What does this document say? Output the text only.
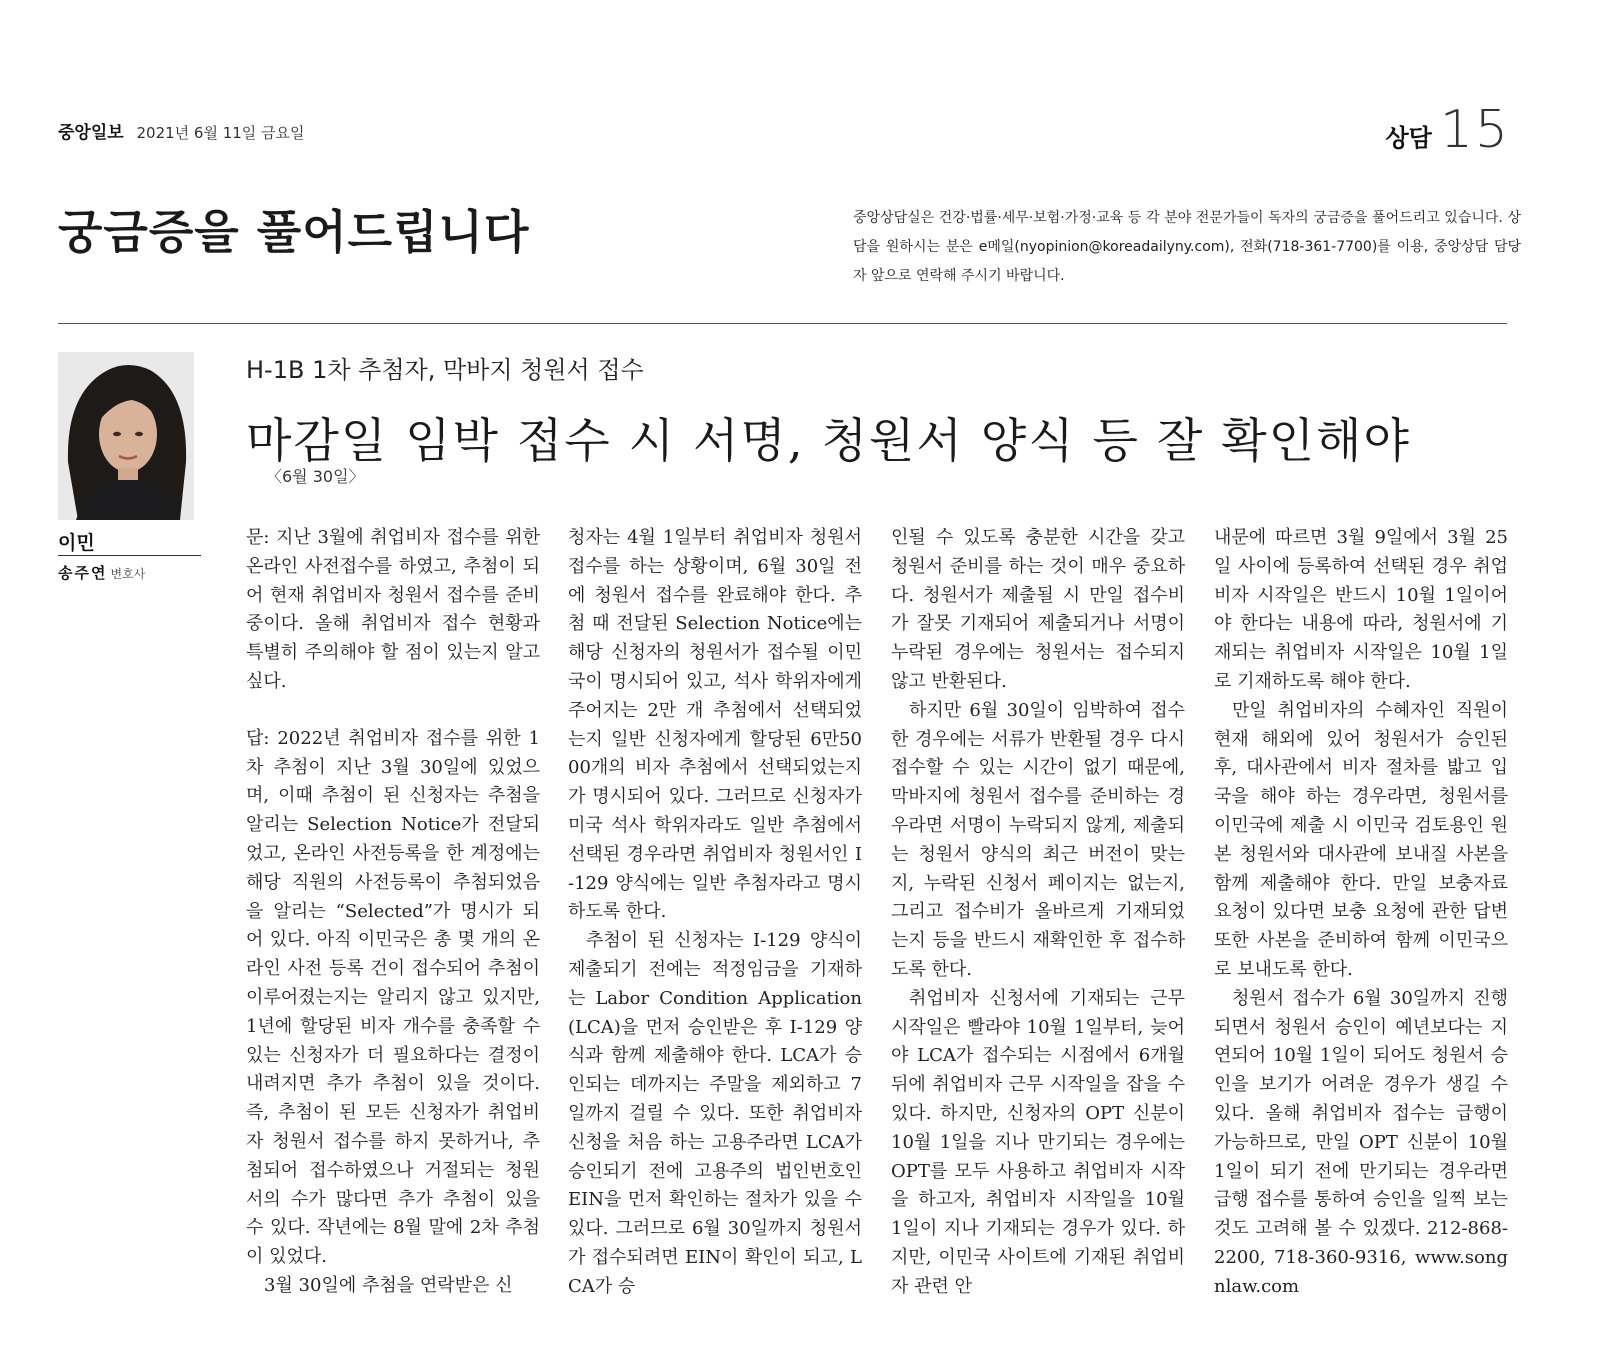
중앙일보 2021년 6월 11일 금요일	상담 15
궁금증을 풀어드립니다	중앙상담실은 건강·법률·세무·보험·가정·교육 등 각 분야 전문가들이 독자의 궁금증을 풀어드리고 있습니다. 상담을 원하시는 분은 e메일(nyopinion@koreadailyny.com), 전화(718-361-7700)를 이용, 중앙상담 담당자 앞으로 연락해 주시기 바랍니다.
이민
송주연 변호사
H-1B 1차 추첨자, 막바지 청원서 접수
마감일 임박 접수 시 서명, 청원서 양식 등 잘 확인해야
〈6월 30일〉

문: 지난 3월에 취업비자 접수를 위한 온라인 사전접수를 하였고, 추첨이 되어 현재 취업비자 청원서 접수를 준비 중이다. 올해 취업비자 접수 현황과 특별히 주의해야 할 점이 있는지 알고 싶다.

답: 2022년 취업비자 접수를 위한 1차 추첨이 지난 3월 30일에 있었으며, 이때 추첨이 된 신청자는 추첨을 알리는 Selection Notice가 전달되었고, 온라인 사전등록을 한 계정에는 해당 직원의 사전등록이 추첨되었음을 알리는 “Selected”가 명시가 되어 있다. 아직 이민국은 총 몇 개의 온라인 사전 등록 건이 접수되어 추첨이 이루어졌는지는 알리지 않고 있지만, 1년에 할당된 비자 개수를 충족할 수 있는 신청자가 더 필요하다는 결정이 내려지면 추가 추첨이 있을 것이다. 즉, 추첨이 된 모든 신청자가 취업비자 청원서 접수를 하지 못하거나, 추첨되어 접수하였으나 거절되는 청원서의 수가 많다면 추가 추첨이 있을 수 있다. 작년에는 8월 말에 2차 추첨이 있었다.

3월 30일에 추첨을 연락받은 신

청자는 4월 1일부터 취업비자 청원서 접수를 하는 상황이며, 6월 30일 전에 청원서 접수를 완료해야 한다. 추첨 때 전달된 Selection Notice에는 해당 신청자의 청원서가 접수될 이민국이 명시되어 있고, 석사 학위자에게 주어지는 2만 개 추첨에서 선택되었는지 일반 신청자에게 할당된 6만5000개의 비자 추첨에서 선택되었는지가 명시되어 있다. 그러므로 신청자가 미국 석사 학위자라도 일반 추첨에서 선택된 경우라면 취업비자 청원서인 I-129 양식에는 일반 추첨자라고 명시하도록 한다.

추첨이 된 신청자는 I-129 양식이 제출되기 전에는 적정임금을 기재하는 Labor Condition Application(LCA)을 먼저 승인받은 후 I-129 양식과 함께 제출해야 한다. LCA가 승인되는 데까지는 주말을 제외하고 7일까지 걸릴 수 있다. 또한 취업비자 신청을 처음 하는 고용주라면 LCA가 승인되기 전에 고용주의 법인번호인 EIN을 먼저 확인하는 절차가 있을 수 있다. 그러므로 6월 30일까지 청원서가 접수되려면 EIN이 확인이 되고, LCA가 승

인될 수 있도록 충분한 시간을 갖고 청원서 준비를 하는 것이 매우 중요하다. 청원서가 제출될 시 만일 접수비가 잘못 기재되어 제출되거나 서명이 누락된 경우에는 청원서는 접수되지 않고 반환된다.

하지만 6월 30일이 임박하여 접수한 경우에는 서류가 반환될 경우 다시 접수할 수 있는 시간이 없기 때문에, 막바지에 청원서 접수를 준비하는 경우라면 서명이 누락되지 않게, 제출되는 청원서 양식의 최근 버전이 맞는지, 누락된 신청서 페이지는 없는지, 그리고 접수비가 올바르게 기재되었는지 등을 반드시 재확인한 후 접수하도록 한다.

취업비자 신청서에 기재되는 근무 시작일은 빨라야 10월 1일부터, 늦어야 LCA가 접수되는 시점에서 6개월 뒤에 취업비자 근무 시작일을 잡을 수 있다. 하지만, 신청자의 OPT 신분이 10월 1일을 지나 만기되는 경우에는 OPT를 모두 사용하고 취업비자 시작을 하고자, 취업비자 시작일을 10월 1일이 지나 기재되는 경우가 있다. 하지만, 이민국 사이트에 기재된 취업비자 관련 안

내문에 따르면 3월 9일에서 3월 25일 사이에 등록하여 선택된 경우 취업비자 시작일은 반드시 10월 1일이어야 한다는 내용에 따라, 청원서에 기재되는 취업비자 시작일은 10월 1일로 기재하도록 해야 한다.

만일 취업비자의 수혜자인 직원이 현재 해외에 있어 청원서가 승인된 후, 대사관에서 비자 절차를 밟고 입국을 해야 하는 경우라면, 청원서를 이민국에 제출 시 이민국 검토용인 원본 청원서와 대사관에 보내질 사본을 함께 제출해야 한다. 만일 보충자료 요청이 있다면 보충 요청에 관한 답변 또한 사본을 준비하여 함께 이민국으로 보내도록 한다.

청원서 접수가 6월 30일까지 진행되면서 청원서 승인이 예년보다는 지연되어 10월 1일이 되어도 청원서 승인을 보기가 어려운 경우가 생길 수 있다. 올해 취업비자 접수는 급행이 가능하므로, 만일 OPT 신분이 10월 1일이 되기 전에 만기되는 경우라면 급행 접수를 통하여 승인을 일찍 보는 것도 고려해 볼 수 있겠다. 212-868-2200, 718-360-9316, www.songnlaw.com
